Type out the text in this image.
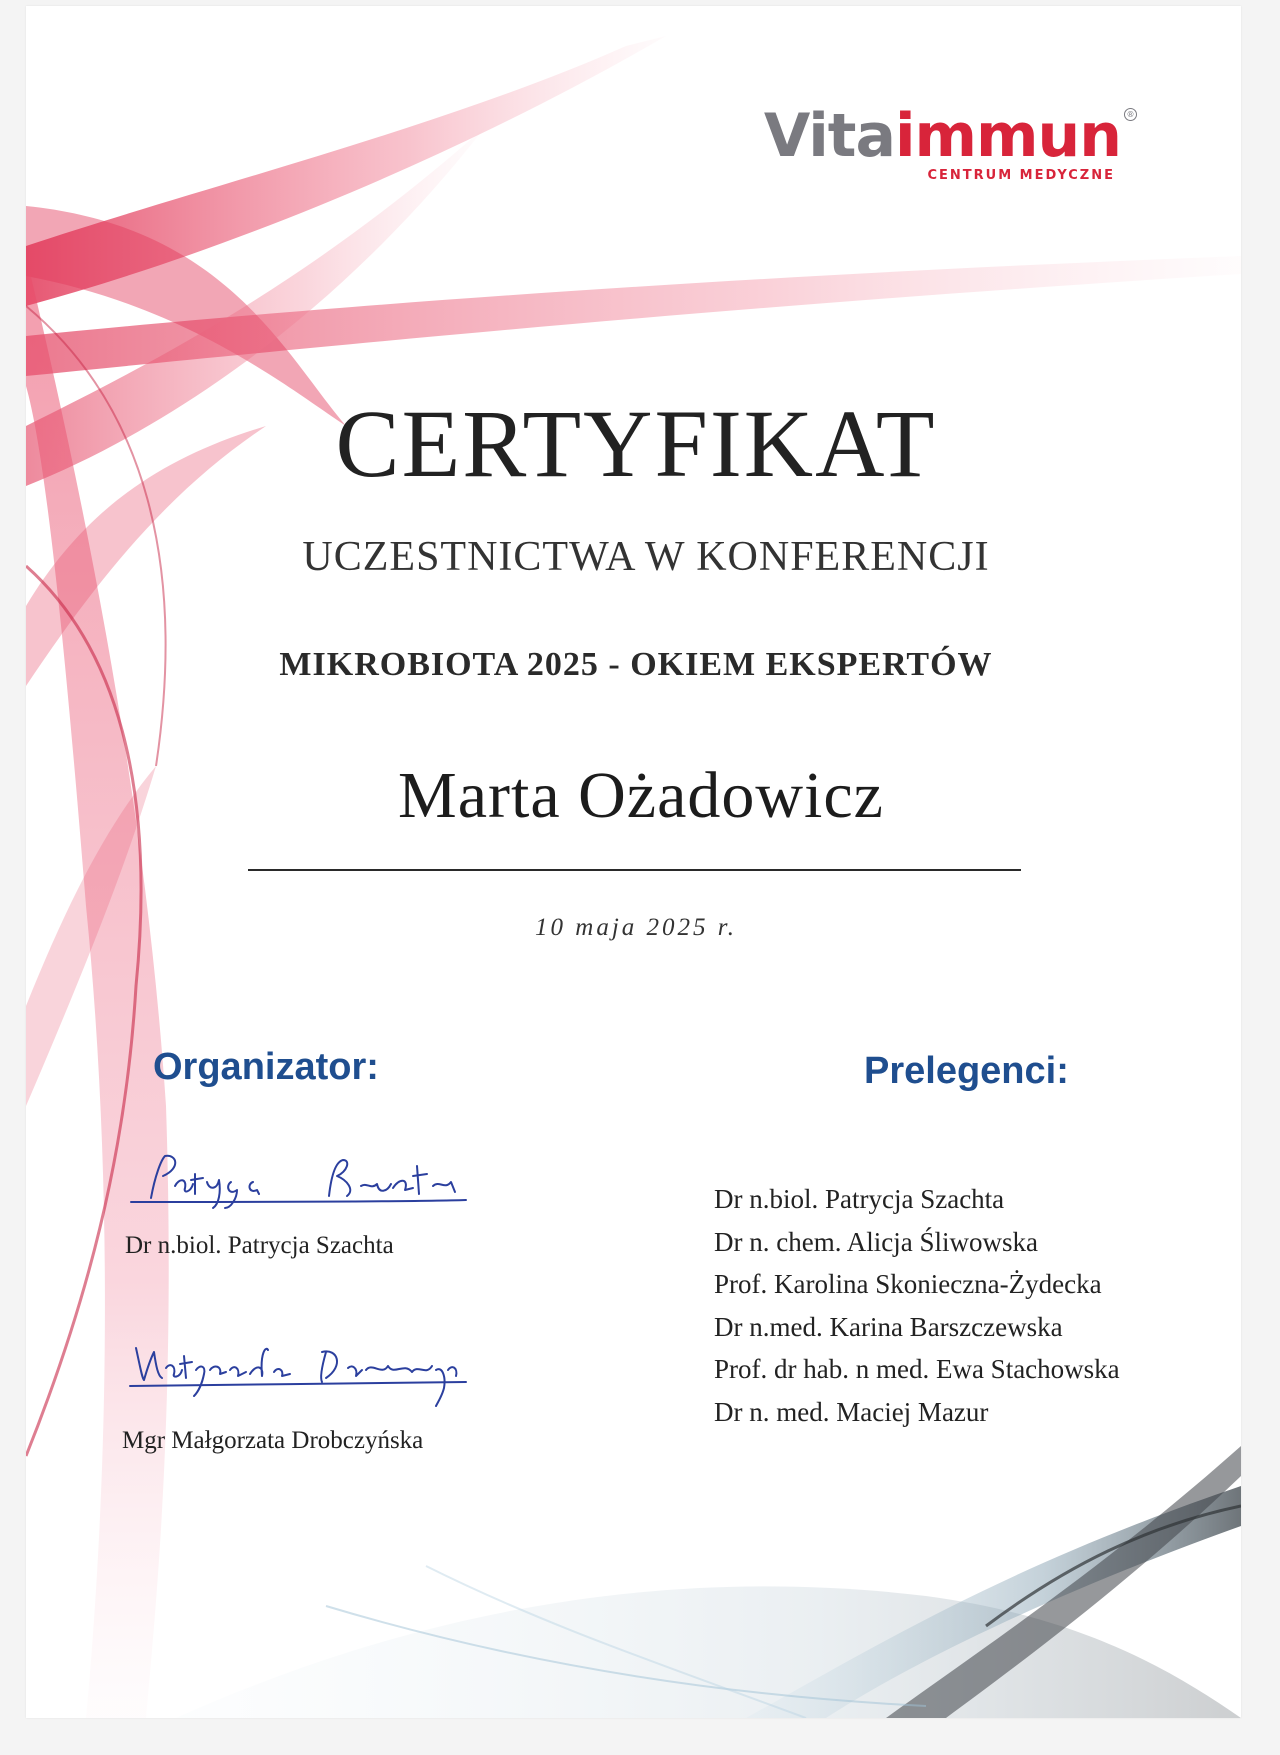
Vitaimmun ®
CENTRUM MEDYCZNE
CERTYFIKAT
UCZESTNICTWA W KONFERENCJI
MIKROBIOTA 2025 - OKIEM EKSPERTÓW
Marta Ożadowicz
10 maja 2025 r.
Organizator:	Prelegenci:
Dr n.biol. Patrycja Szachta
Mgr Małgorzata Drobczyńska
Dr n.biol. Patrycja Szachta
Dr n. chem. Alicja Śliwowska
Prof. Karolina Skonieczna-Żydecka
Dr n.med. Karina Barszczewska
Prof. dr hab. n med. Ewa Stachowska
Dr n. med. Maciej Mazur
